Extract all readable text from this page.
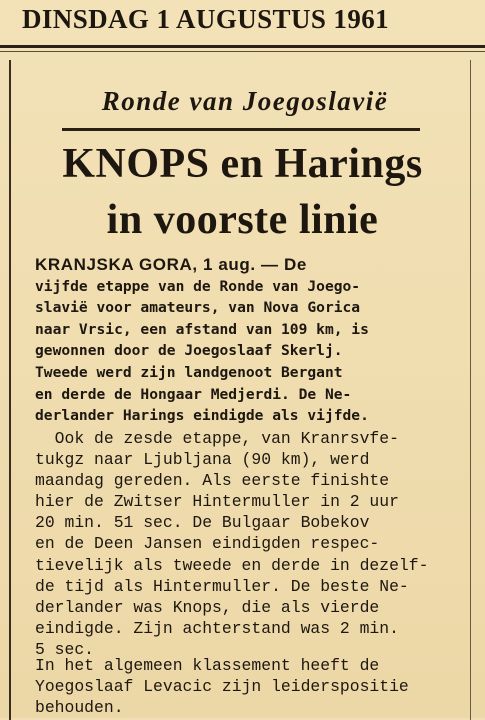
DINSDAG 1 AUGUSTUS 1961
Ronde van Joegoslavië
KNOPS en Harings
in voorste linie
KRANJSKA GORA, 1 aug. — De
vijfde etappe van de Ronde van Joego-
slavië voor amateurs, van Nova Gorica
naar Vrsic, een afstand van 109 km, is
gewonnen door de Joegoslaaf Skerlj.
Tweede werd zijn landgenoot Bergant
en derde de Hongaar Medjerdi. De Ne-
derlander Harings eindigde als vijfde.
Ook de zesde etappe, van Kranrsvfe-
tukgz naar Ljubljana (90 km), werd
maandag gereden. Als eerste finishte
hier de Zwitser Hintermuller in 2 uur
20 min. 51 sec. De Bulgaar Bobekov
en de Deen Jansen eindigden respec-
tievelijk als tweede en derde in dezelf-
de tijd als Hintermuller. De beste Ne-
derlander was Knops, die als vierde
eindigde. Zijn achterstand was 2 min.
5 sec.
In het algemeen klassement heeft de Yoegoslaaf Levacic zijn leiderspositie behouden.
